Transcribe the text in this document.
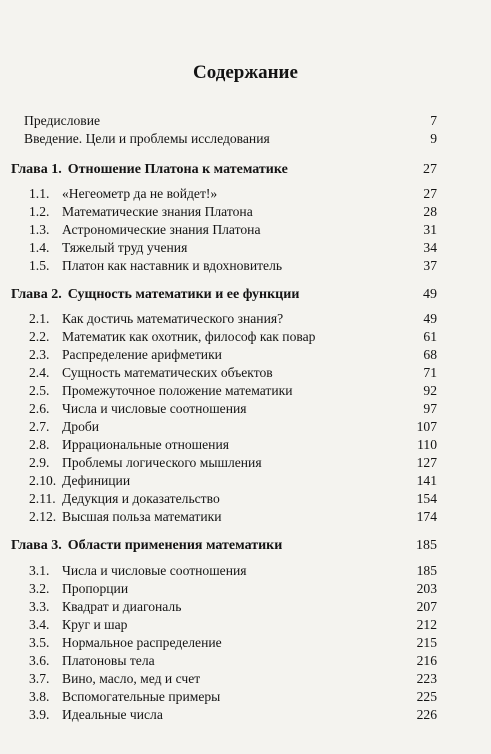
Содержание
Предисловие	7
Введение. Цели и проблемы исследования	9
Глава 1. Отношение Платона к математике	27
1.1. «Негеометр да не войдет!»	27
1.2. Математические знания Платона	28
1.3. Астрономические знания Платона	31
1.4. Тяжелый труд учения	34
1.5. Платон как наставник и вдохновитель	37
Глава 2. Сущность математики и ее функции	49
2.1. Как достичь математического знания?	49
2.2. Математик как охотник, философ как повар	61
2.3. Распределение арифметики	68
2.4. Сущность математических объектов	71
2.5. Промежуточное положение математики	92
2.6. Числа и числовые соотношения	97
2.7. Дроби	107
2.8. Иррациональные отношения	110
2.9. Проблемы логического мышления	127
2.10. Дефиниции	141
2.11. Дедукция и доказательство	154
2.12. Высшая польза математики	174
Глава 3. Области применения математики	185
3.1. Числа и числовые соотношения	185
3.2. Пропорции	203
3.3. Квадрат и диагональ	207
3.4. Круг и шар	212
3.5. Нормальное распределение	215
3.6. Платоновы тела	216
3.7. Вино, масло, мед и счет	223
3.8. Вспомогательные примеры	225
3.9. Идеальные числа	226
